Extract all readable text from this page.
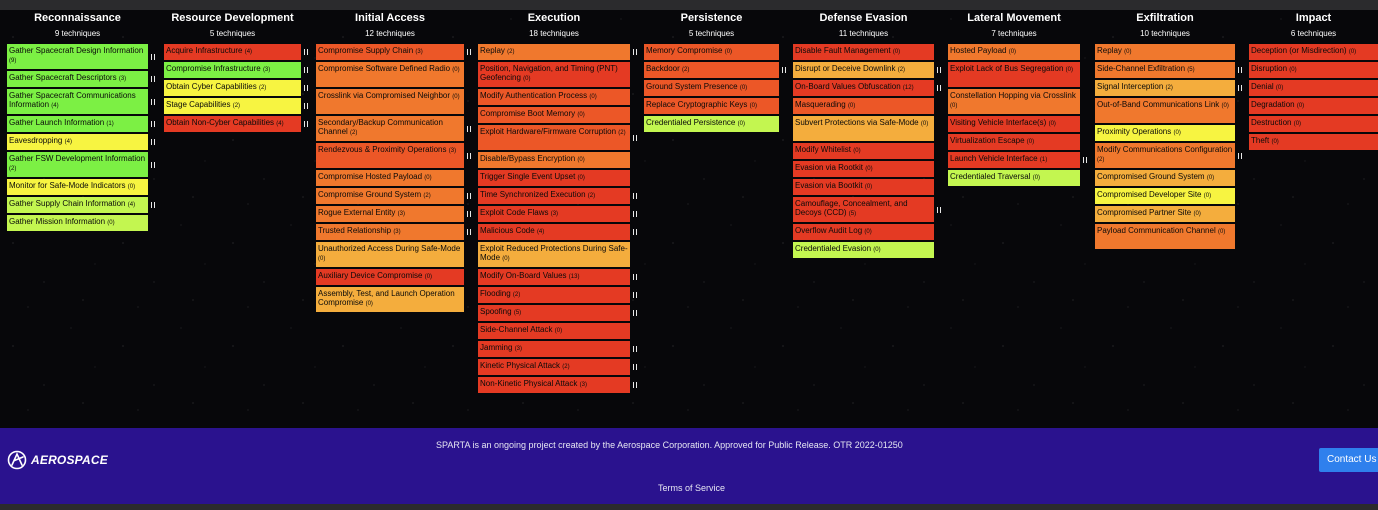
Reconnaissance
9 techniques
Gather Spacecraft Design Information (9)
Gather Spacecraft Descriptors (3)
Gather Spacecraft Communications Information (4)
Gather Launch Information (1)
Eavesdropping (4)
Gather FSW Development Information (2)
Monitor for Safe-Mode Indicators (0)
Gather Supply Chain Information (4)
Gather Mission Information (0)
Resource Development
5 techniques
Acquire Infrastructure (4)
Compromise Infrastructure (3)
Obtain Cyber Capabilities (2)
Stage Capabilities (2)
Obtain Non-Cyber Capabilities (4)
Initial Access
12 techniques
Compromise Supply Chain (3)
Compromise Software Defined Radio (0)
Crosslink via Compromised Neighbor (0)
Secondary/Backup Communication Channel (2)
Rendezvous & Proximity Operations (3)
Compromise Hosted Payload (0)
Compromise Ground System (2)
Rogue External Entity (3)
Trusted Relationship (3)
Unauthorized Access During Safe-Mode (0)
Auxiliary Device Compromise (0)
Assembly, Test, and Launch Operation Compromise (0)
Execution
18 techniques
Replay (2)
Position, Navigation, and Timing (PNT) Geofencing (0)
Modify Authentication Process (0)
Compromise Boot Memory (0)
Exploit Hardware/Firmware Corruption (2)
Disable/Bypass Encryption (0)
Trigger Single Event Upset (0)
Time Synchronized Execution (2)
Exploit Code Flaws (3)
Malicious Code (4)
Exploit Reduced Protections During Safe-Mode (0)
Modify On-Board Values (13)
Flooding (2)
Spoofing (5)
Side-Channel Attack (0)
Jamming (3)
Kinetic Physical Attack (2)
Non-Kinetic Physical Attack (3)
Persistence
5 techniques
Memory Compromise (0)
Backdoor (2)
Ground System Presence (0)
Replace Cryptographic Keys (0)
Credentialed Persistence (0)
Defense Evasion
11 techniques
Disable Fault Management (0)
Disrupt or Deceive Downlink (2)
On-Board Values Obfuscation (12)
Masquerading (0)
Subvert Protections via Safe-Mode (0)
Modify Whitelist (0)
Evasion via Rootkit (0)
Evasion via Bootkit (0)
Camouflage, Concealment, and Decoys (CCD) (5)
Overflow Audit Log (0)
Credentialed Evasion (0)
Lateral Movement
7 techniques
Hosted Payload (0)
Exploit Lack of Bus Segregation (0)
Constellation Hopping via Crosslink (0)
Visiting Vehicle Interface(s) (0)
Virtualization Escape (0)
Launch Vehicle Interface (1)
Credentialed Traversal (0)
Exfiltration
10 techniques
Replay (0)
Side-Channel Exfiltration (5)
Signal Interception (2)
Out-of-Band Communications Link (0)
Proximity Operations (0)
Modify Communications Configuration (2)
Compromised Ground System (0)
Compromised Developer Site (0)
Compromised Partner Site (0)
Payload Communication Channel (0)
Impact
6 techniques
Deception (or Misdirection) (0)
Disruption (0)
Denial (0)
Degradation (0)
Destruction (0)
Theft (0)
AEROSPACE
SPARTA is an ongoing project created by the Aerospace Corporation. Approved for Public Release. OTR 2022-01250
Terms of Service
Contact Us
